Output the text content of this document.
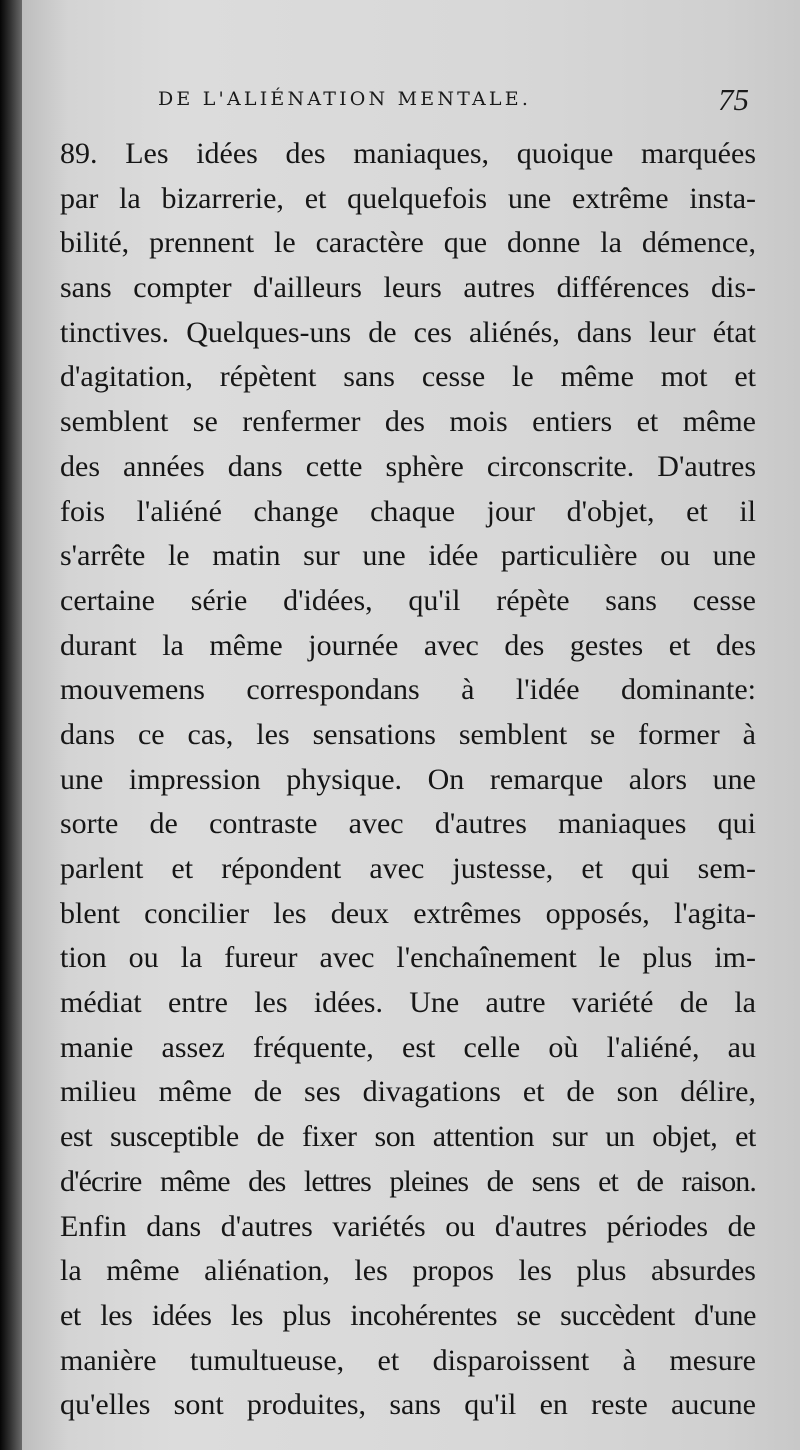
DE L'ALIÉNATION MENTALE.	75
89. Les idées des maniaques, quoique marquées
par la bizarrerie, et quelquefois une extrême insta-
bilité, prennent le caractère que donne la démence,
sans compter d'ailleurs leurs autres différences dis-
tinctives. Quelques-uns de ces aliénés, dans leur état
d'agitation, répètent sans cesse le même mot et
semblent se renfermer des mois entiers et même
des années dans cette sphère circonscrite. D'autres
fois l'aliéné change chaque jour d'objet, et il
s'arrête le matin sur une idée particulière ou une
certaine série d'idées, qu'il répète sans cesse
durant la même journée avec des gestes et des
mouvemens correspondans à l'idée dominante:
dans ce cas, les sensations semblent se former à
une impression physique. On remarque alors une
sorte de contraste avec d'autres maniaques qui
parlent et répondent avec justesse, et qui sem-
blent concilier les deux extrêmes opposés, l'agita-
tion ou la fureur avec l'enchaînement le plus im-
médiat entre les idées. Une autre variété de la
manie assez fréquente, est celle où l'aliéné, au
milieu même de ses divagations et de son délire,
est susceptible de fixer son attention sur un objet, et
d'écrire même des lettres pleines de sens et de raison.
Enfin dans d'autres variétés ou d'autres périodes de
la même aliénation, les propos les plus absurdes
et les idées les plus incohérentes se succèdent d'une
manière tumultueuse, et disparoissent à mesure
qu'elles sont produites, sans qu'il en reste aucune
